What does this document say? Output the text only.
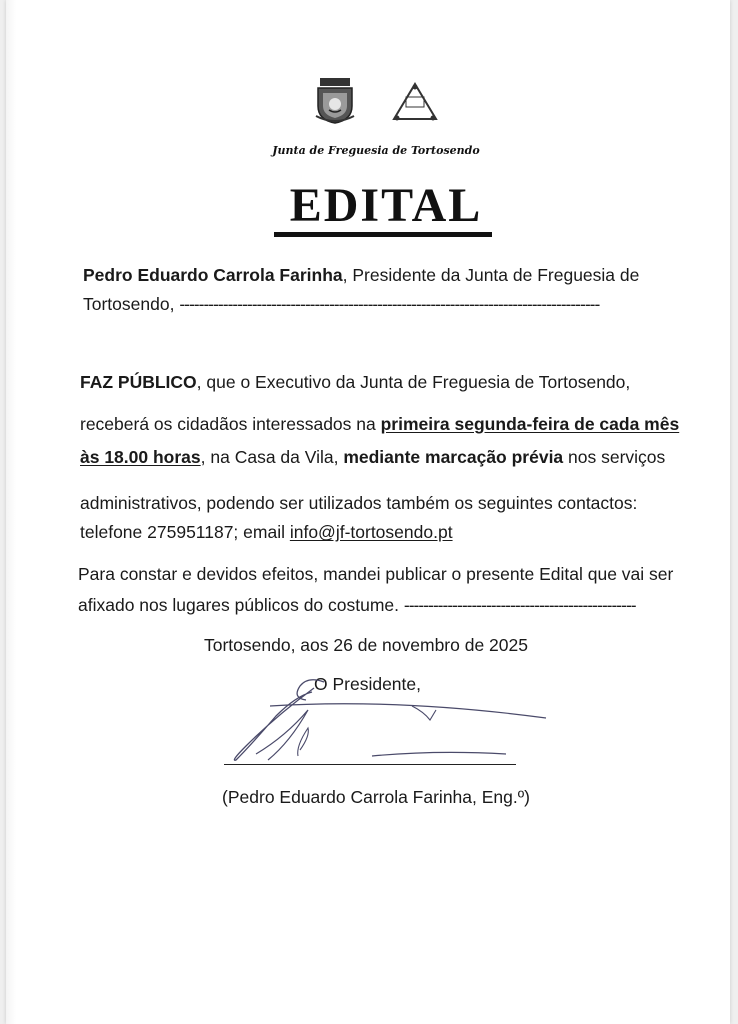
Junta de Freguesia de Tortosendo
EDITAL
Pedro Eduardo Carrola Farinha, Presidente da Junta de Freguesia de
Tortosendo, ---------------------------------------------------------------------------------------
FAZ PÚBLICO, que o Executivo da Junta de Freguesia de Tortosendo,
receberá os cidadãos interessados na primeira segunda-feira de cada mês
às 18.00 horas, na Casa da Vila, mediante marcação prévia nos serviços
administrativos, podendo ser utilizados também os seguintes contactos:
telefone 275951187; email info@jf-tortosendo.pt
Para constar e devidos efeitos, mandei publicar o presente Edital que vai ser
afixado nos lugares públicos do costume. ------------------------------------------------
Tortosendo, aos 26 de novembro de 2025
O Presidente,
(Pedro Eduardo Carrola Farinha, Eng.º)
